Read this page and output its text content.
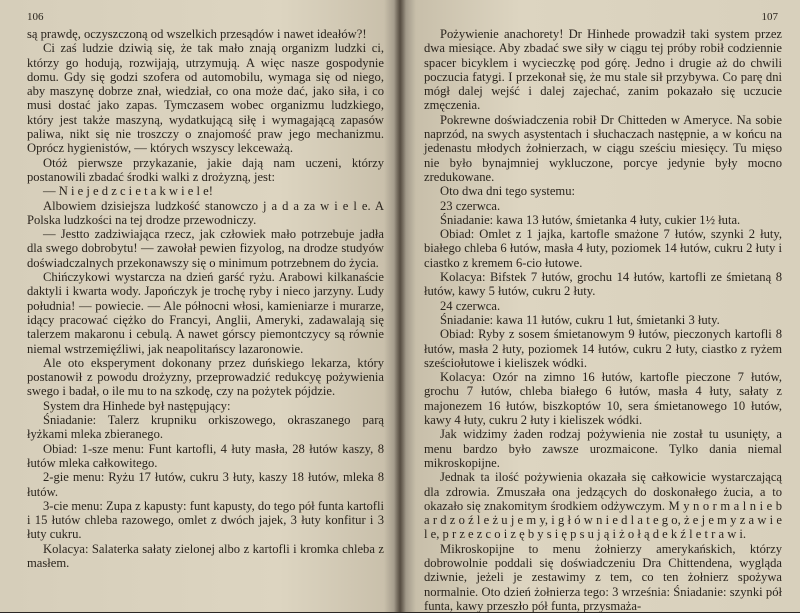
106

są prawdę, oczyszczoną od wszelkich przesądów i nawet ideałów?!

Ci zaś ludzie dziwią się, że tak mało znają organizm ludzki ci, którzy go hodują, rozwijają, utrzymują. A więc nasze gospodynie domu. Gdy się godzi szofera od automobilu, wymaga się od niego, aby maszynę dobrze znał, wiedział, co ona może dać, jako siła, i co musi dostać jako zapas. Tymczasem wobec organizmu ludzkiego, który jest także maszyną, wydatkującą siłę i wymagającą zapasów paliwa, nikt się nie troszczy o znajomość praw jego mechanizmu. Oprócz hygienistów, — których wszyscy lekceważą.

Otóż pierwsze przykazanie, jakie dają nam uczeni, którzy postanowili zbadać środki walki z drożyzną, jest:

— N i e j e d z c i e t a k w i e l e!

Albowiem dzisiejsza ludzkość stanowczo j a d a za w i e l e. A Polska ludzkości na tej drodze przewodniczy.

— Jestto zadziwiająca rzecz, jak człowiek mało potrzebuje jadła dla swego dobrobytu! — zawołał pewien fizyolog, na drodze studyów doświadczalnych przekonawszy się o minimum potrzebnem do życia.

Chińczykowi wystarcza na dzień garść ryżu. Arabowi kilkanaście daktyli i kwarta wody. Japończyk je trochę ryby i nieco jarzyny. Ludy południa! — powiecie. — Ale północni włosi, kamieniarze i murarze, idący pracować ciężko do Francyi, Anglii, Ameryki, zadawalają się talerzem makaronu i cebulą. A nawet górscy piemontczycy są równie niemal wstrzemięźliwi, jak neapolitańscy lazaronowie.

Ale oto eksperyment dokonany przez duńskiego lekarza, który postanowił z powodu drożyzny, przeprowadzić redukcyę pożywienia swego i badał, o ile mu to na szkodę, czy na pożytek pójdzie.

System dra Hinhede był następujący:

Śniadanie: Talerz krupniku orkiszowego, okraszanego parą łyżkami mleka zbieranego.

Obiad: 1-sze menu: Funt kartofli, 4 łuty masła, 28 łutów kaszy, 8 łutów mleka całkowitego.

2-gie menu: Ryżu 17 łutów, cukru 3 łuty, kaszy 18 łutów, mleka 8 łutów.

3-cie menu: Zupa z kapusty: funt kapusty, do tego pół funta kartofli i 15 łutów chleba razowego, omlet z dwóch jajek, 3 łuty konfitur i 3 łuty cukru.

Kolacya: Salaterka sałaty zielonej albo z kartofli i kromka chleba z masłem.

107

Pożywienie anachorety! Dr Hinhede prowadził taki system przez dwa miesiące. Aby zbadać swe siły w ciągu tej próby robił codziennie spacer bicyklem i wycieczkę pod górę. Jedno i drugie aż do chwili poczucia fatygi. I przekonał się, że mu stale sił przybywa. Co parę dni mógł dalej wejść i dalej zajechać, zanim pokazało się uczucie zmęczenia.

Pokrewne doświadczenia robił Dr Chitteden w Ameryce. Na sobie naprzód, na swych asystentach i słuchaczach następnie, a w końcu na jedenastu młodych żołnierzach, w ciągu sześciu miesięcy. Tu mięso nie było bynajmniej wykluczone, porcye jedynie były mocno zredukowane.

Oto dwa dni tego systemu:

23 czerwca.

Śniadanie: kawa 13 łutów, śmietanka 4 łuty, cukier 1½ łuta.

Obiad: Omlet z 1 jajka, kartofle smażone 7 łutów, szynki 2 łuty, białego chleba 6 łutów, masła 4 łuty, poziomek 14 łutów, cukru 2 łuty i ciastko z kremem 6-cio łutowe.

Kolacya: Bifstek 7 łutów, grochu 14 łutów, kartofli ze śmietaną 8 łutów, kawy 5 łutów, cukru 2 łuty.

24 czerwca.

Śniadanie: kawa 11 łutów, cukru 1 łut, śmietanki 3 łuty.

Obiad: Ryby z sosem śmietanowym 9 łutów, pieczonych kartofli 8 łutów, masła 2 łuty, poziomek 14 łutów, cukru 2 łuty, ciastko z ryżem sześciołutowe i kieliszek wódki.

Kolacya: Ozór na zimno 16 łutów, kartofle pieczone 7 łutów, grochu 7 łutów, chleba białego 6 łutów, masła 4 łuty, sałaty z majonezem 16 łutów, biszkoptów 10, sera śmietanowego 10 łutów, kawy 4 łuty, cukru 2 łuty i kieliszek wódki.

Jak widzimy żaden rodzaj pożywienia nie został tu usunięty, a menu bardzo było zawsze urozmaicone. Tylko dania niemal mikroskopijne.

Jednak ta ilość pożywienia okazała się całkowicie wystarczającą dla zdrowia. Zmuszała ona jedzących do doskonałego żucia, a to okazało się znakomitym środkiem odżywczym. M y n o r m a l n i e b a r d z o ź l e ż u j e m y, i g ł ó w n i e d l a t e g o, ż e j e m y z a w i e l e, p r z e z c o i z ę b y s i ę p s u j ą i ż o ł ą d e k ź l e t r a w i.

Mikroskopijne to menu żołnierzy amerykańskich, którzy dobrowolnie poddali się doświadczeniu Dra Chittendena, wygląda dziwnie, jeżeli je zestawimy z tem, co ten żołnierz spożywa normalnie. Oto dzień żołnierza tego: 3 września: Śniadanie: szynki pół funta, kawy przeszło pół funta, przysmaża-
